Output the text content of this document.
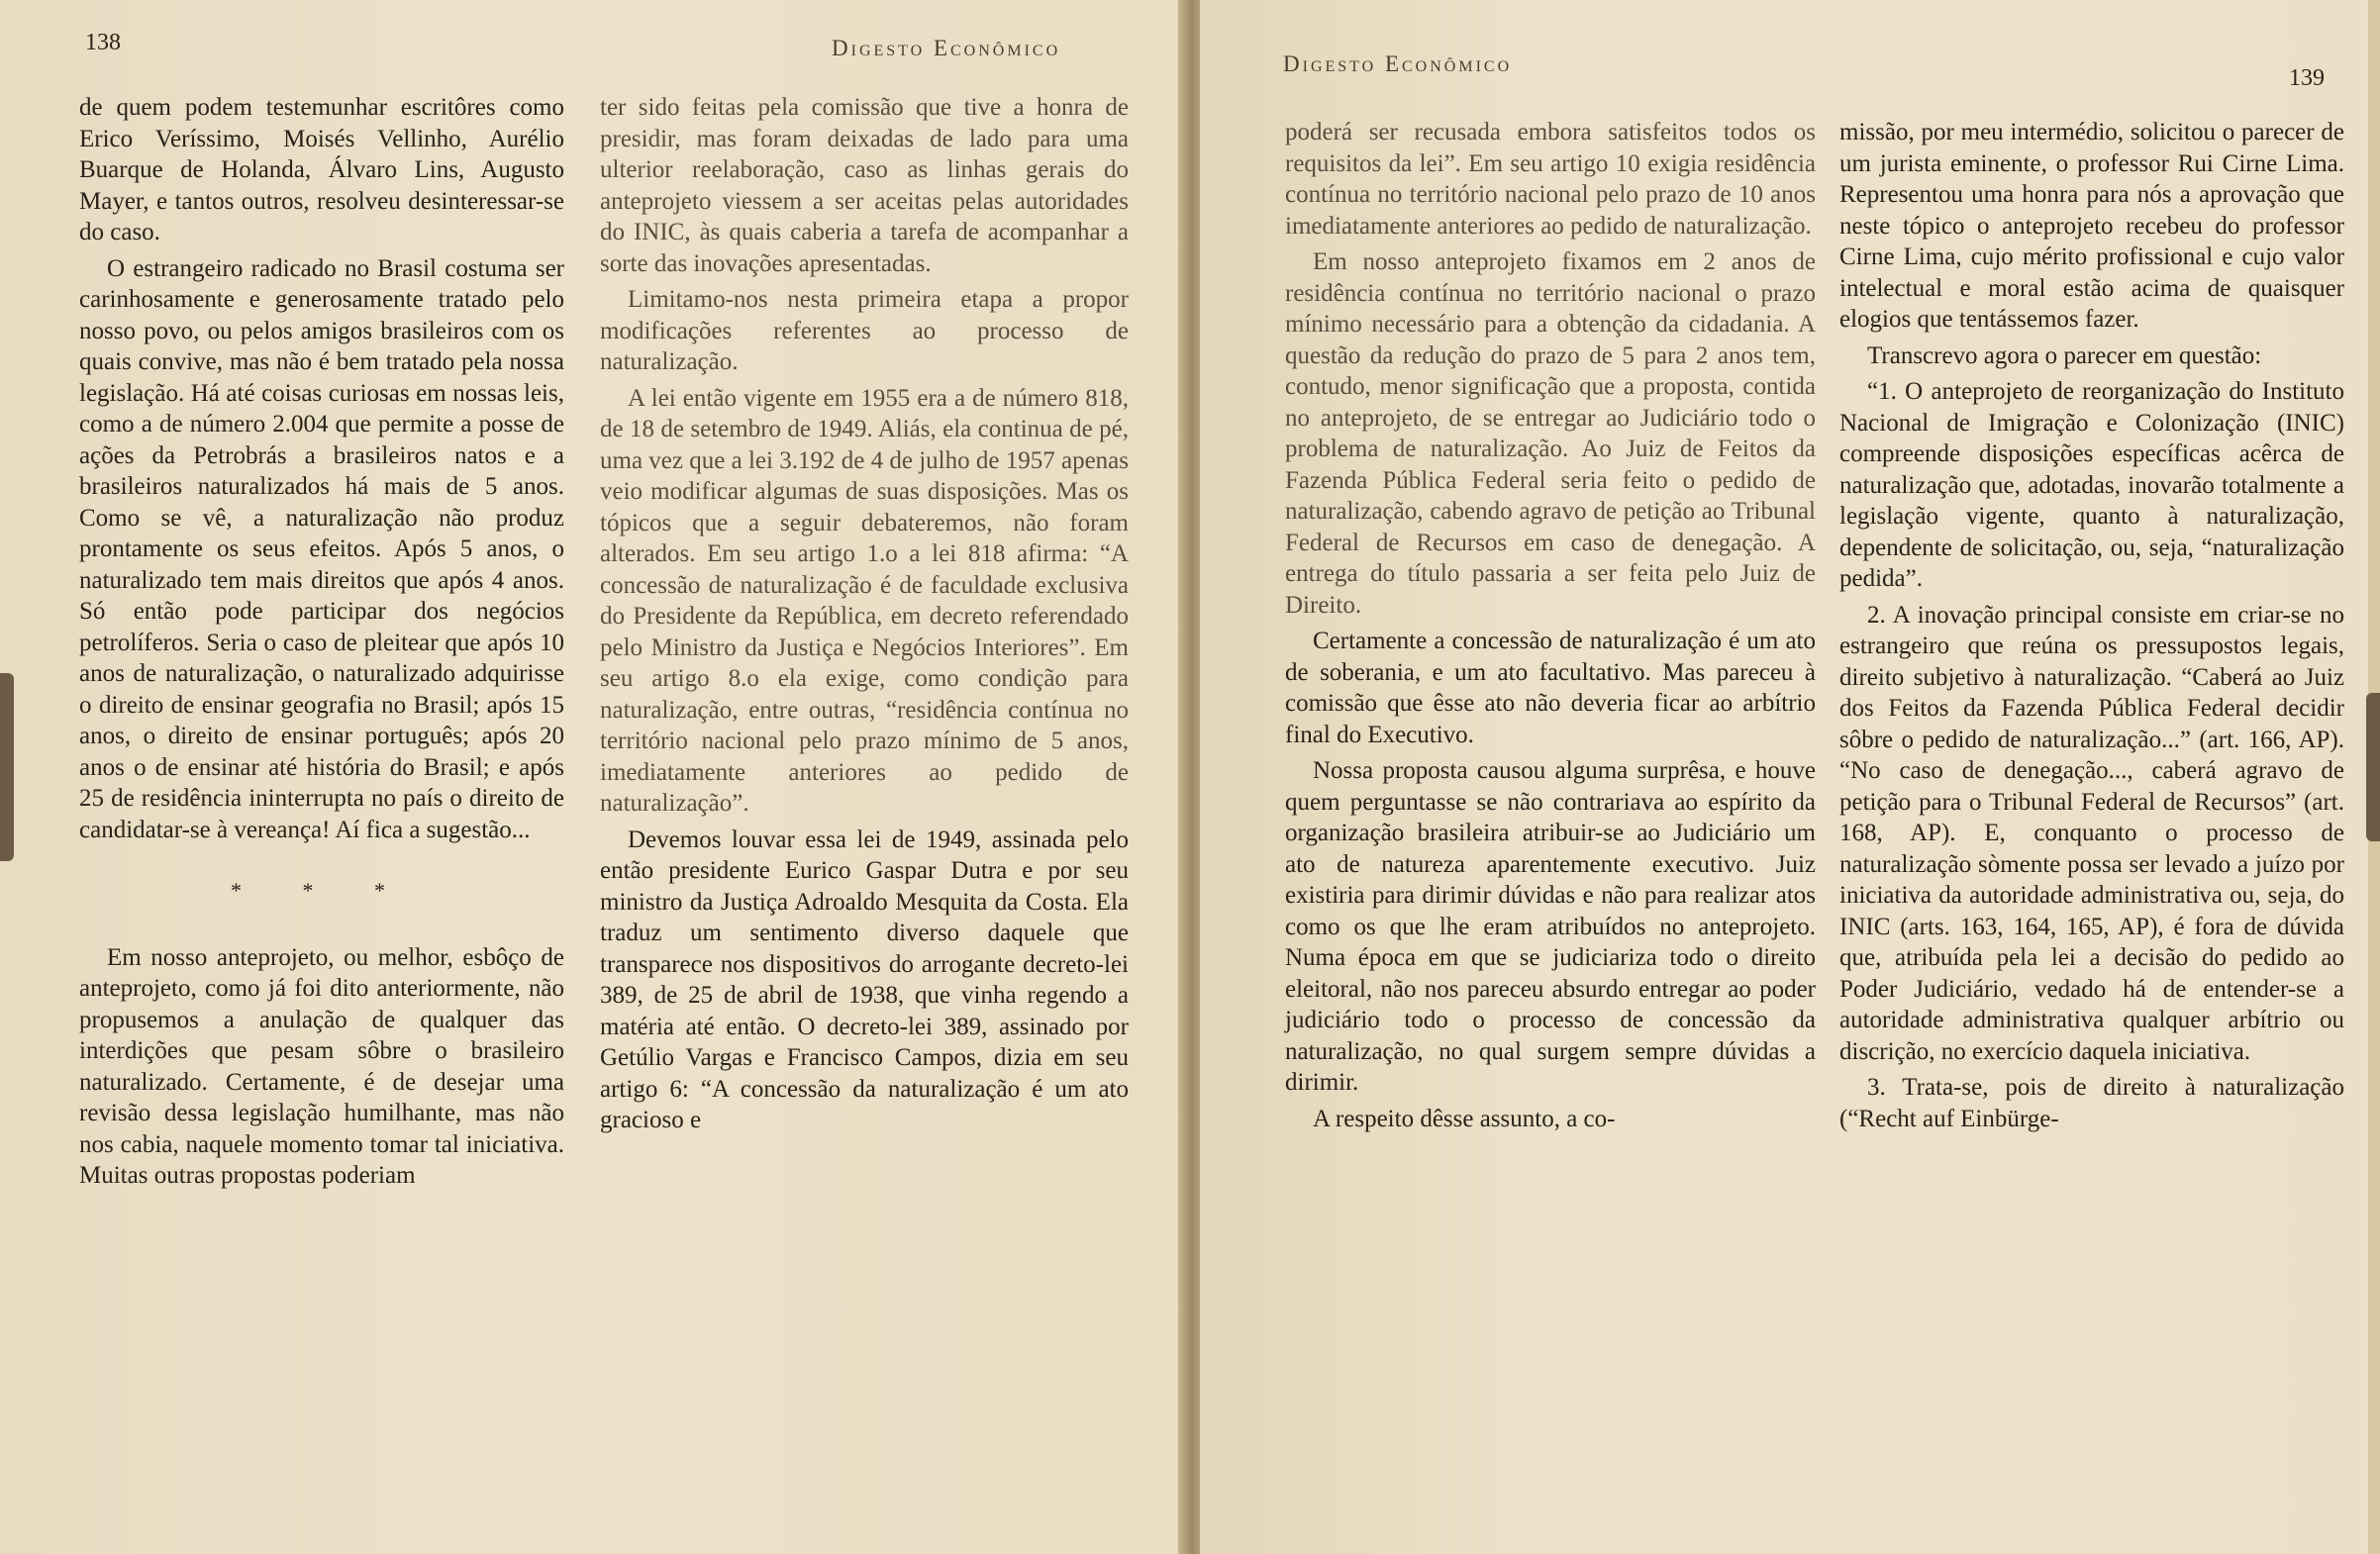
138	Digesto Econômico

de quem podem testemunhar escritôres como Erico Veríssimo, Moisés Vellinho, Aurélio Buarque de Holanda, Álvaro Lins, Augusto Mayer, e tantos outros, resolveu desinteressar-se do caso.

O estrangeiro radicado no Brasil costuma ser carinhosamente e generosamente tratado pelo nosso povo, ou pelos amigos brasileiros com os quais convive, mas não é bem tratado pela nossa legislação. Há até coisas curiosas em nossas leis, como a de número 2.004 que permite a posse de ações da Petrobrás a brasileiros natos e a brasileiros naturalizados há mais de 5 anos. Como se vê, a naturalização não produz prontamente os seus efeitos. Após 5 anos, o naturalizado tem mais direitos que após 4 anos. Só então pode participar dos negócios petrolíferos. Seria o caso de pleitear que após 10 anos de naturalização, o naturalizado adquirisse o direito de ensinar geografia no Brasil; após 15 anos, o direito de ensinar português; após 20 anos o de ensinar até história do Brasil; e após 25 de residência ininterrupta no país o direito de candidatar-se à vereança! Aí fica a sugestão...

* * *

Em nosso anteprojeto, ou melhor, esbôço de anteprojeto, como já foi dito anteriormente, não propusemos a anulação de qualquer das interdições que pesam sôbre o brasileiro naturalizado. Certamente, é de desejar uma revisão dessa legislação humilhante, mas não nos cabia, naquele momento tomar tal iniciativa. Muitas outras propostas poderiam

ter sido feitas pela comissão que tive a honra de presidir, mas foram deixadas de lado para uma ulterior reelaboração, caso as linhas gerais do anteprojeto viessem a ser aceitas pelas autoridades do INIC, às quais caberia a tarefa de acompanhar a sorte das inovações apresentadas.

Limitamo-nos nesta primeira etapa a propor modificações referentes ao processo de naturalização.

A lei então vigente em 1955 era a de número 818, de 18 de setembro de 1949. Aliás, ela continua de pé, uma vez que a lei 3.192 de 4 de julho de 1957 apenas veio modificar algumas de suas disposições. Mas os tópicos que a seguir debateremos, não foram alterados. Em seu artigo 1.o a lei 818 afirma: “A concessão de naturalização é de faculdade exclusiva do Presidente da República, em decreto referendado pelo Ministro da Justiça e Negócios Interiores”. Em seu artigo 8.o ela exige, como condição para naturalização, entre outras, “residência contínua no território nacional pelo prazo mínimo de 5 anos, imediatamente anteriores ao pedido de naturalização”.

Devemos louvar essa lei de 1949, assinada pelo então presidente Eurico Gaspar Dutra e por seu ministro da Justiça Adroaldo Mesquita da Costa. Ela traduz um sentimento diverso daquele que transparece nos dispositivos do arrogante decreto-lei 389, de 25 de abril de 1938, que vinha regendo a matéria até então. O decreto-lei 389, assinado por Getúlio Vargas e Francisco Campos, dizia em seu artigo 6: “A concessão da naturalização é um ato gracioso e

Digesto Econômico
139

poderá ser recusada embora satisfeitos todos os requisitos da lei”. Em seu artigo 10 exigia residência contínua no território nacional pelo prazo de 10 anos imediatamente anteriores ao pedido de naturalização.

Em nosso anteprojeto fixamos em 2 anos de residência contínua no território nacional o prazo mínimo necessário para a obtenção da cidadania. A questão da redução do prazo de 5 para 2 anos tem, contudo, menor significação que a proposta, contida no anteprojeto, de se entregar ao Judiciário todo o problema de naturalização. Ao Juiz de Feitos da Fazenda Pública Federal seria feito o pedido de naturalização, cabendo agravo de petição ao Tribunal Federal de Recursos em caso de denegação. A entrega do título passaria a ser feita pelo Juiz de Direito.

Certamente a concessão de naturalização é um ato de soberania, e um ato facultativo. Mas pareceu à comissão que êsse ato não deveria ficar ao arbítrio final do Executivo.

Nossa proposta causou alguma surprêsa, e houve quem perguntasse se não contrariava ao espírito da organização brasileira atribuir-se ao Judiciário um ato de natureza aparentemente executivo. Juiz existiria para dirimir dúvidas e não para realizar atos como os que lhe eram atribuídos no anteprojeto. Numa época em que se judiciariza todo o direito eleitoral, não nos pareceu absurdo entregar ao poder judiciário todo o processo de concessão da naturalização, no qual surgem sempre dúvidas a dirimir.

A respeito dêsse assunto, a co-

missão, por meu intermédio, solicitou o parecer de um jurista eminente, o professor Rui Cirne Lima. Representou uma honra para nós a aprovação que neste tópico o anteprojeto recebeu do professor Cirne Lima, cujo mérito profissional e cujo valor intelectual e moral estão acima de quaisquer elogios que tentássemos fazer.

Transcrevo agora o parecer em questão:

“1. O anteprojeto de reorganização do Instituto Nacional de Imigração e Colonização (INIC) compreende disposições específicas acêrca de naturalização que, adotadas, inovarão totalmente a legislação vigente, quanto à naturalização, dependente de solicitação, ou, seja, “naturalização pedida”.

2. A inovação principal consiste em criar-se no estrangeiro que reúna os pressupostos legais, direito subjetivo à naturalização. “Caberá ao Juiz dos Feitos da Fazenda Pública Federal decidir sôbre o pedido de naturalização...” (art. 166, AP). “No caso de denegação..., caberá agravo de petição para o Tribunal Federal de Recursos” (art. 168, AP). E, conquanto o processo de naturalização sòmente possa ser levado a juízo por iniciativa da autoridade administrativa ou, seja, do INIC (arts. 163, 164, 165, AP), é fora de dúvida que, atribuída pela lei a decisão do pedido ao Poder Judiciário, vedado há de entender-se a autoridade administrativa qualquer arbítrio ou discrição, no exercício daquela iniciativa.

3. Trata-se, pois de direito à naturalização (“Recht auf Einbürge-
